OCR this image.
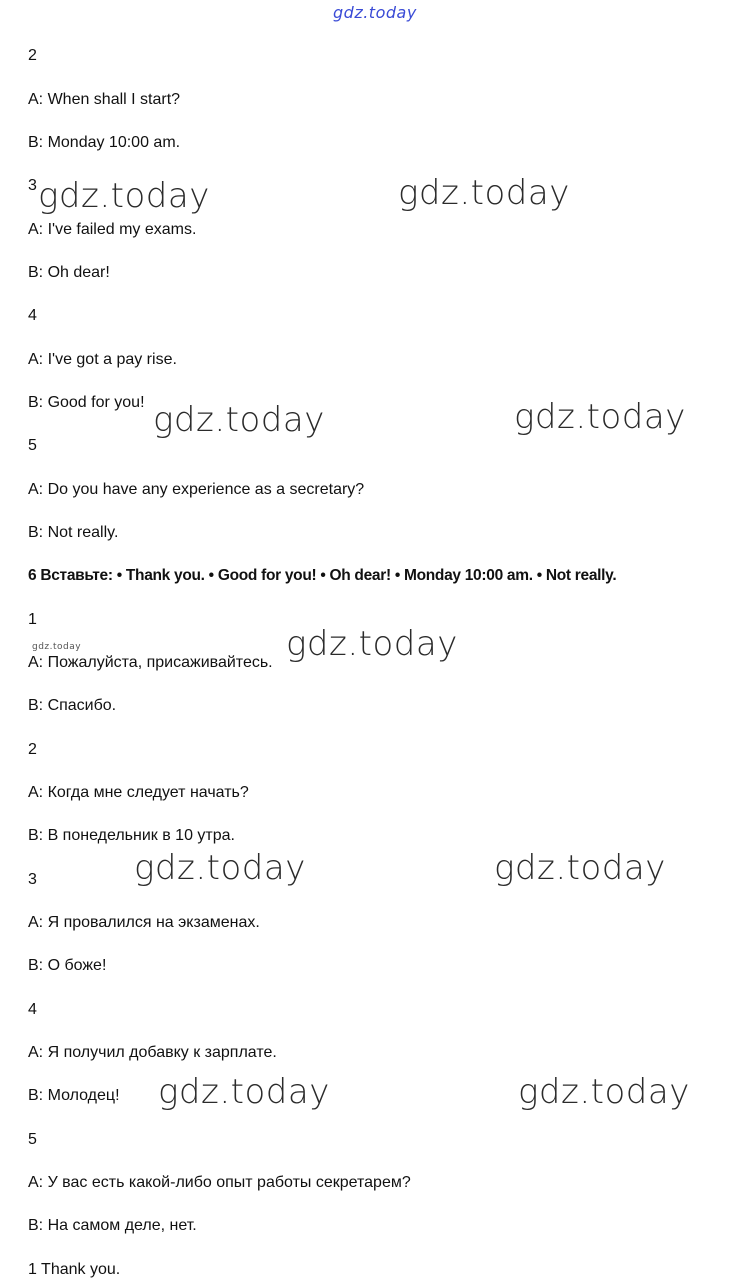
gdz.today
2
A: When shall I start?
B: Monday 10:00 am.
3
A: I've failed my exams.
B: Oh dear!
4
A: I've got a pay rise.
B: Good for you!
5
A: Do you have any experience as a secretary?
B: Not really.
6 Вставьте: • Thank you. • Good for you! • Oh dear! • Monday 10:00 am. • Not really.
1
A: Пожалуйста, присаживайтесь.
B: Спасибо.
2
A: Когда мне следует начать?
B: В понедельник в 10 утра.
3
A: Я провалился на экзаменах.
B: О боже!
4
A: Я получил добавку к зарплате.
B: Молодец!
5
A: У вас есть какой-либо опыт работы секретарем?
B: На самом деле, нет.
1 Thank you.
gdz.today	gdz.today
gdz.today	gdz.today
gdz.today
gdz.today
gdz.today	gdz.today
gdz.today	gdz.today
